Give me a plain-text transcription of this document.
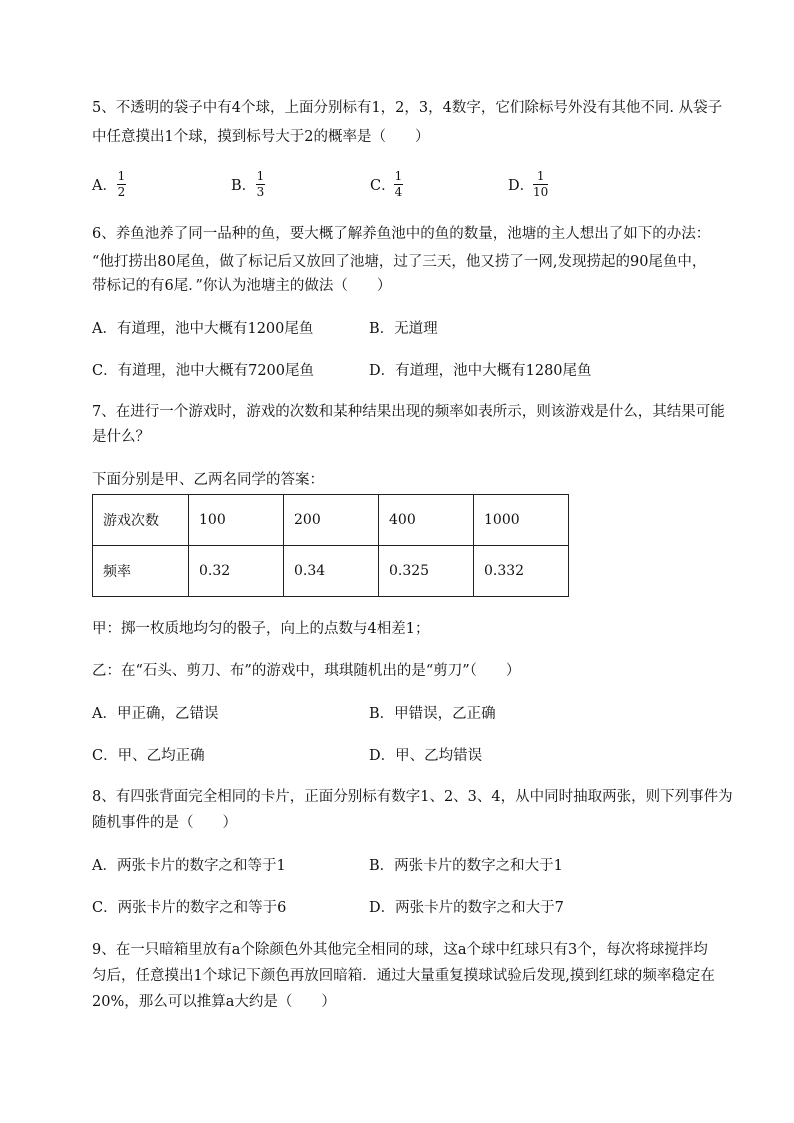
5、不透明的袋子中有4个球，上面分别标有1，2，3，4数字，它们除标号外没有其他不同. 从袋子
中任意摸出1个球，摸到标号大于2的概率是（　　）
A．
1
2	B．
1
3	C．
1
4	D．
1
10
6、养鱼池养了同一品种的鱼，要大概了解养鱼池中的鱼的数量，池塘的主人想出了如下的办法：
“他打捞出80尾鱼，做了标记后又放回了池塘，过了三天，他又捞了一网,发现捞起的90尾鱼中，
带标记的有6尾．”你认为池塘主的做法（　　）
A．有道理，池中大概有1200尾鱼	B．无道理
C．有道理，池中大概有7200尾鱼	D．有道理，池中大概有1280尾鱼
7、在进行一个游戏时，游戏的次数和某种结果出现的频率如表所示，则该游戏是什么，其结果可能
是什么？
下面分别是甲、乙两名同学的答案：
游戏次数	100	200	400	1000
频率	0.32	0.34	0.325	0.332
甲：掷一枚质地均匀的骰子，向上的点数与4相差1；
乙：在“石头、剪刀、布”的游戏中，琪琪随机出的是“剪刀”（　　）
A．甲正确，乙错误	B．甲错误，乙正确
C．甲、乙均正确	D．甲、乙均错误
8、有四张背面完全相同的卡片，正面分别标有数字1、2、3、4，从中同时抽取两张，则下列事件为
随机事件的是（　　）
A．两张卡片的数字之和等于1	B．两张卡片的数字之和大于1
C．两张卡片的数字之和等于6	D．两张卡片的数字之和大于7
9、在一只暗箱里放有a个除颜色外其他完全相同的球，这a个球中红球只有3个，每次将球搅拌均
匀后，任意摸出1个球记下颜色再放回暗箱．通过大量重复摸球试验后发现,摸到红球的频率稳定在
20%，那么可以推算a大约是（　　）
